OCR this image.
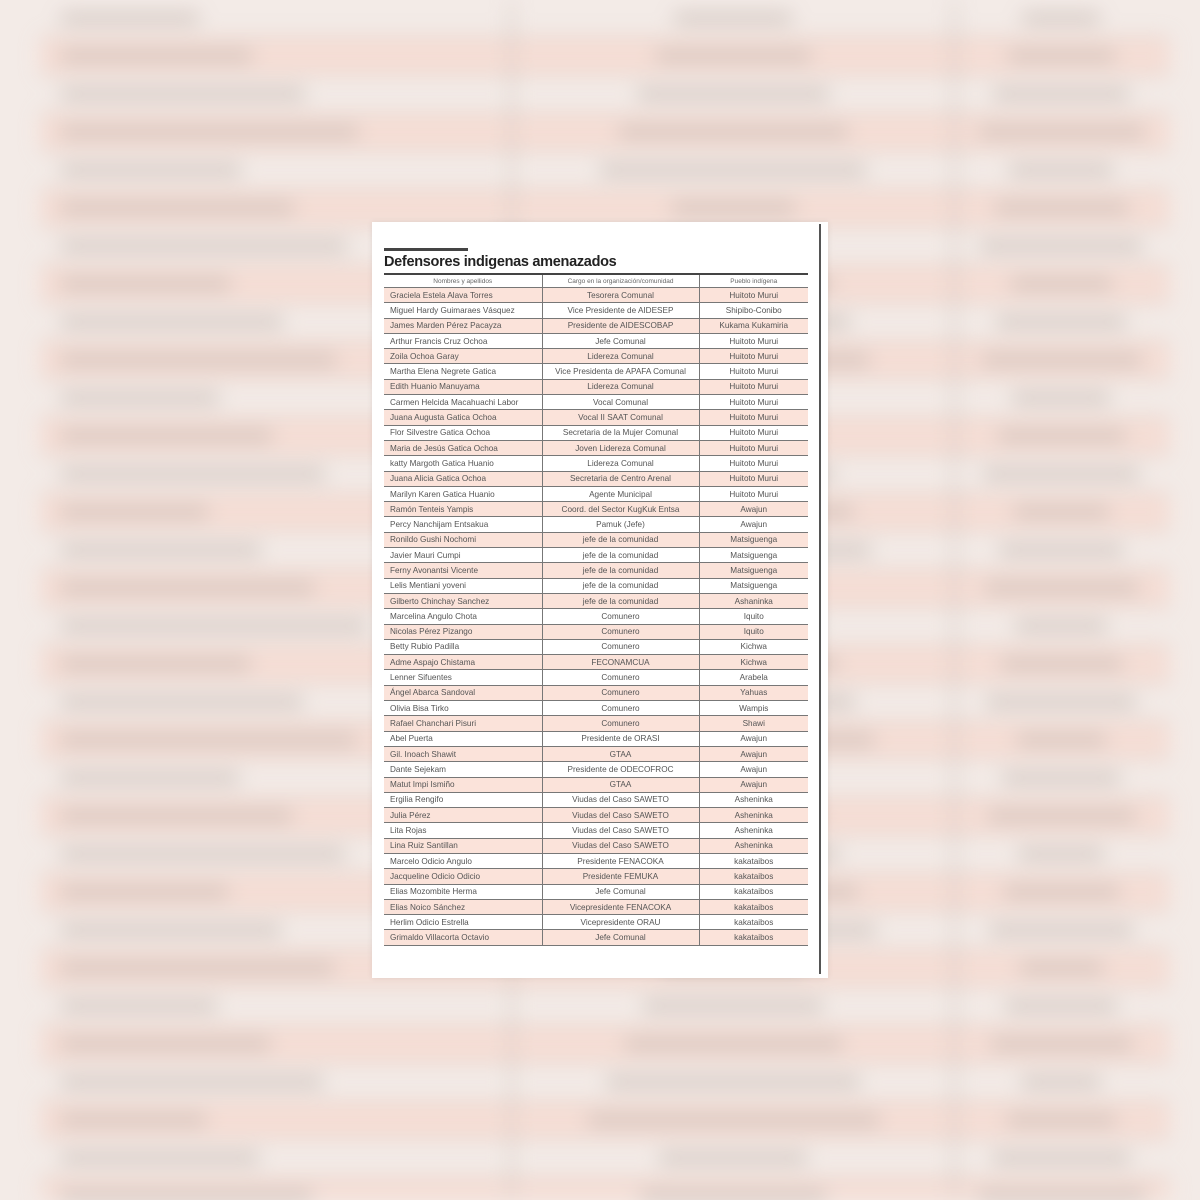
Defensores indigenas amenazados
Nombres y apellidos	Cargo en la organización/comunidad	Pueblo indígena
Graciela Estela Alava Torres	Tesorera Comunal	Huitoto Murui
Miguel Hardy Guimaraes Vásquez	Vice Presidente de AIDESEP	Shipibo-Conibo
James Marden Pérez Pacayza	Presidente de AIDESCOBAP	Kukama Kukamiria
Arthur Francis Cruz Ochoa	Jefe Comunal	Huitoto Murui
Zoila Ochoa Garay	Lidereza Comunal	Huitoto Murui
Martha Elena Negrete Gatica	Vice Presidenta de APAFA Comunal	Huitoto Murui
Edith Huanio Manuyama	Lidereza Comunal	Huitoto Murui
Carmen Helcida Macahuachi Labor	Vocal Comunal	Huitoto Murui
Juana Augusta Gatica Ochoa	Vocal II SAAT Comunal	Huitoto Murui
Flor Silvestre Gatica Ochoa	Secretaria de la Mujer Comunal	Huitoto Murui
Maria de Jesús Gatica Ochoa	Joven Lidereza Comunal	Huitoto Murui
katty Margoth Gatica Huanio	Lidereza Comunal	Huitoto Murui
Juana Alicia Gatica Ochoa	Secretaria de Centro Arenal	Huitoto Murui
Marilyn Karen Gatica Huanio	Agente Municipal	Huitoto Murui
Ramón Tenteis Yampis	Coord. del Sector KugKuk Entsa	Awajun
Percy Nanchijam Entsakua	Pamuk (Jefe)	Awajun
Ronildo Gushi Nochomi	jefe de la comunidad	Matsiguenga
Javier Mauri Cumpi	jefe de la comunidad	Matsiguenga
Ferny Avonantsi Vicente	jefe de la comunidad	Matsiguenga
Lelis Mentiani yoveni	jefe de la comunidad	Matsiguenga
Gilberto Chinchay Sanchez	jefe de la comunidad	Ashaninka
Marcelina Angulo Chota	Comunero	Iquito
Nicolas Pérez Pizango	Comunero	Iquito
Betty Rubio Padilla	Comunero	Kichwa
Adme Aspajo Chistama	FECONAMCUA	Kichwa
Lenner Sifuentes	Comunero	Arabela
Ángel Abarca Sandoval	Comunero	Yahuas
Olivia Bisa Tirko	Comunero	Wampis
Rafael Chanchari Pisuri	Comunero	Shawi
Abel Puerta	Presidente de ORASI	Awajun
Gil. Inoach Shawit	GTAA	Awajun
Dante Sejekam	Presidente de ODECOFROC	Awajun
Matut Impi Ismiño	GTAA	Awajun
Ergilia Rengifo	Viudas del Caso SAWETO	Asheninka
Julia Pérez	Viudas del Caso SAWETO	Asheninka
Lita Rojas	Viudas del Caso SAWETO	Asheninka
Lina Ruiz Santillan	Viudas del Caso SAWETO	Asheninka
Marcelo Odicio Angulo	Presidente FENACOKA	kakataibos
Jacqueline Odicio Odicio	Presidente FEMUKA	kakataibos
Elias Mozombite Herma	Jefe Comunal	kakataibos
Elias Noico Sánchez	Vicepresidente FENACOKA	kakataibos
Herlim Odicio Estrella	Vicepresidente ORAU	kakataibos
Grimaldo Villacorta Octavio	Jefe Comunal	kakataibos
